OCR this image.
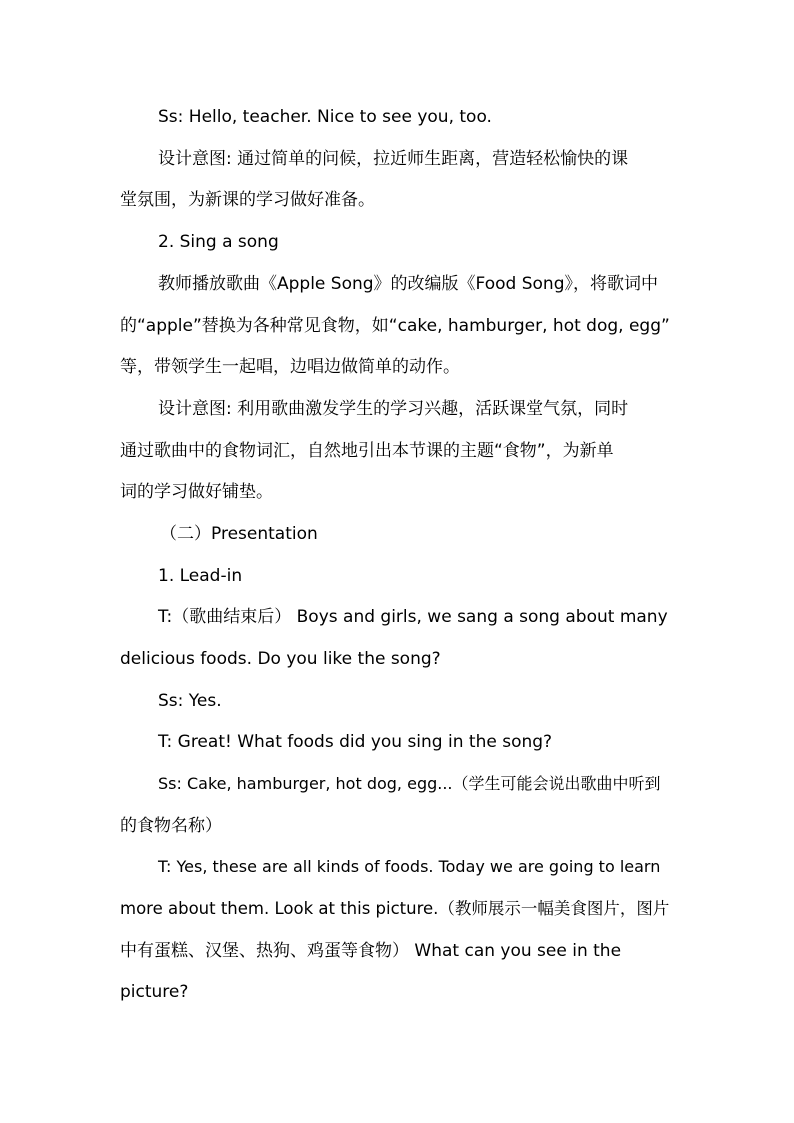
Ss: Hello, teacher. Nice to see you, too.
设计意图: 通过简单的问候，拉近师生距离，营造轻松愉快的课
堂氛围，为新课的学习做好准备。
2. Sing a song
教师播放歌曲《Apple Song》的改编版《Food Song》，将歌词中
的“apple”替换为各种常见食物，如“cake, hamburger, hot dog, egg”
等，带领学生一起唱，边唱边做简单的动作。
设计意图: 利用歌曲激发学生的学习兴趣，活跃课堂气氛，同时
通过歌曲中的食物词汇，自然地引出本节课的主题“食物”，为新单
词的学习做好铺垫。
（二）Presentation
1. Lead-in
T:（歌曲结束后） Boys and girls, we sang a song about many
delicious foods. Do you like the song?
Ss: Yes.
T: Great! What foods did you sing in the song?
Ss: Cake, hamburger, hot dog, egg...（学生可能会说出歌曲中听到
的食物名称）
T: Yes, these are all kinds of foods. Today we are going to learn
more about them. Look at this picture.（教师展示一幅美食图片，图片
中有蛋糕、汉堡、热狗、鸡蛋等食物） What can you see in the
picture?
